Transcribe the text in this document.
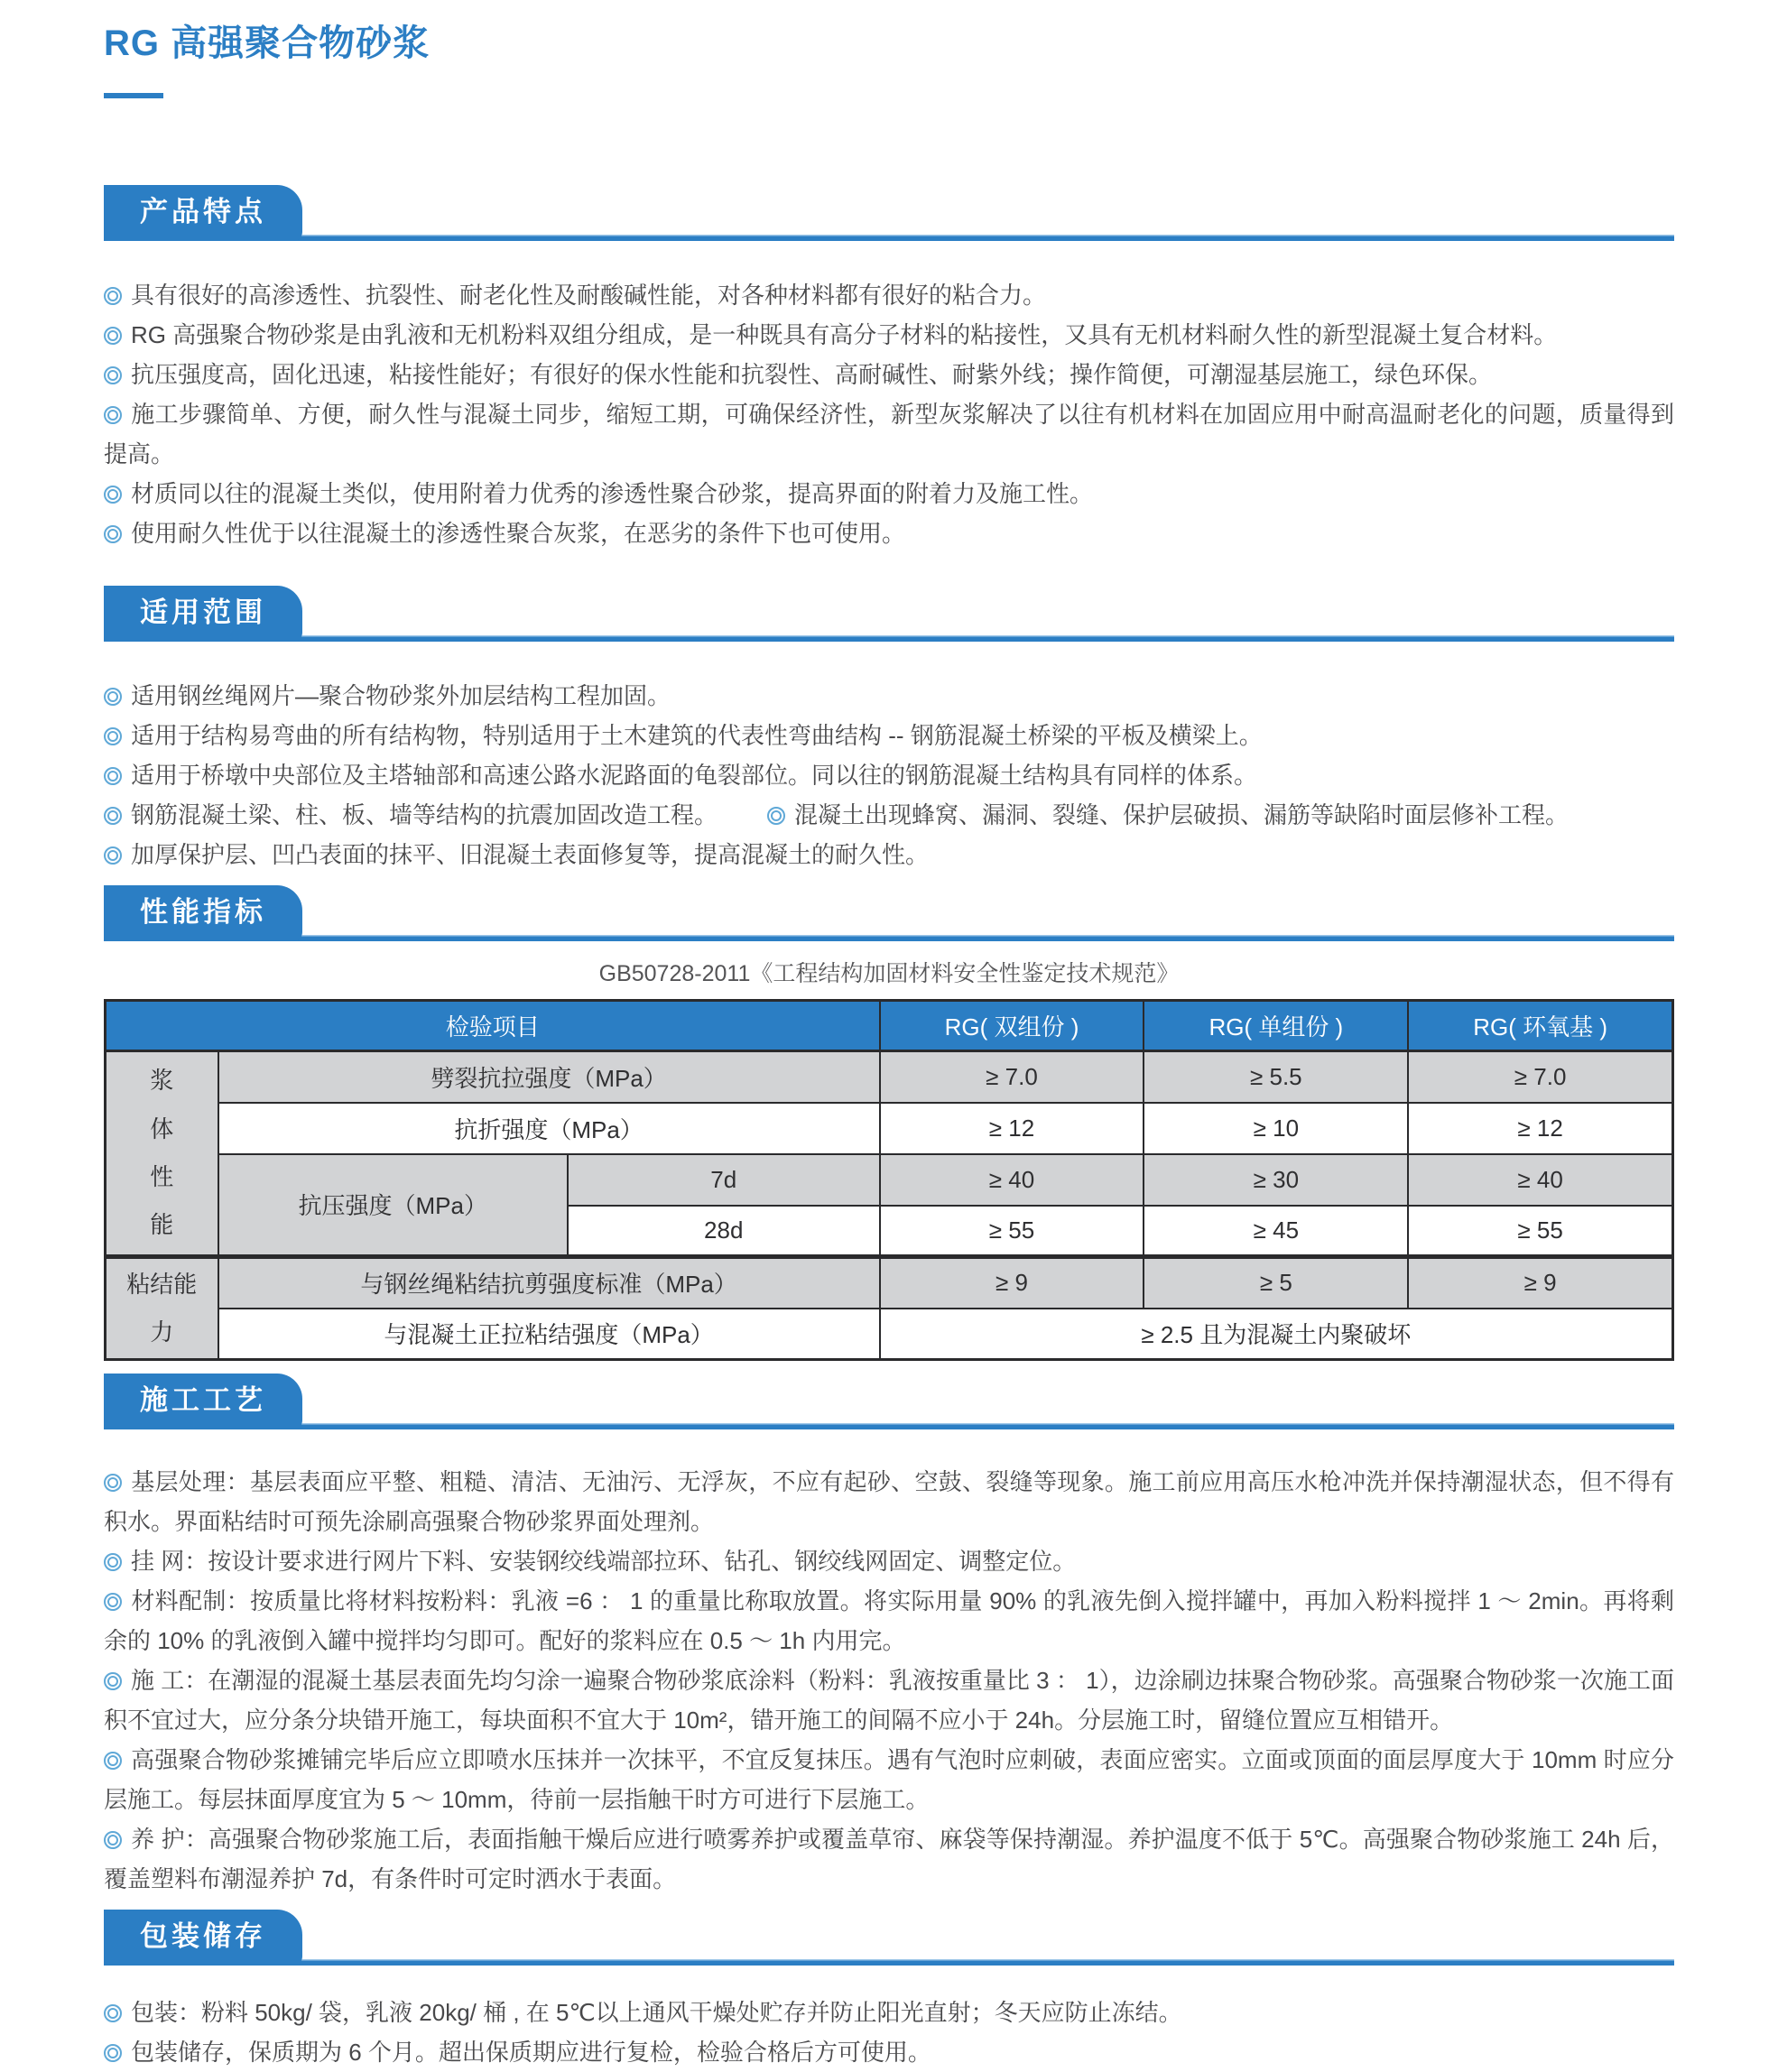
RG 高强聚合物砂浆
产品特点

具有很好的高渗透性、抗裂性、耐老化性及耐酸碱性能，对各种材料都有很好的粘合力。

RG 高强聚合物砂浆是由乳液和无机粉料双组分组成，是一种既具有高分子材料的粘接性，又具有无机材料耐久性的新型混凝土复合材料。

抗压强度高，固化迅速，粘接性能好；有很好的保水性能和抗裂性、高耐碱性、耐紫外线；操作简便，可潮湿基层施工，绿色环保。

施工步骤简单、方便，耐久性与混凝土同步，缩短工期，可确保经济性，新型灰浆解决了以往有机材料在加固应用中耐高温耐老化的问题，质量得到提高。

材质同以往的混凝土类似，使用附着力优秀的渗透性聚合砂浆，提高界面的附着力及施工性。

使用耐久性优于以往混凝土的渗透性聚合灰浆，在恶劣的条件下也可使用。

适用范围

适用钢丝绳网片—聚合物砂浆外加层结构工程加固。

适用于结构易弯曲的所有结构物，特别适用于土木建筑的代表性弯曲结构 -- 钢筋混凝土桥梁的平板及横梁上。

适用于桥墩中央部位及主塔轴部和高速公路水泥路面的龟裂部位。同以往的钢筋混凝土结构具有同样的体系。

钢筋混凝土梁、柱、板、墙等结构的抗震加固改造工程。	混凝土出现蜂窝、漏洞、裂缝、保护层破损、漏筋等缺陷时面层修补工程。

加厚保护层、凹凸表面的抹平、旧混凝土表面修复等，提高混凝土的耐久性。

性能指标
GB50728-2011《工程结构加固材料安全性鉴定技术规范》
检验项目			RG( 双组份 )	RG( 单组份 )	RG( 环氧基 )
浆体性能	劈裂抗拉强度（MPa）		≥ 7.0	≥ 5.5	≥ 7.0
	抗折强度（MPa）		≥ 12	≥ 10	≥ 12
	抗压强度（MPa）	7d	≥ 40	≥ 30	≥ 40
		28d	≥ 55	≥ 45	≥ 55
粘结能力	与钢丝绳粘结抗剪强度标准（MPa）		≥ 9	≥ 5	≥ 9
	与混凝土正拉粘结强度（MPa）		≥ 2.5 且为混凝土内聚破坏		
施工工艺

基层处理：基层表面应平整、粗糙、清洁、无油污、无浮灰，不应有起砂、空鼓、裂缝等现象。施工前应用高压水枪冲洗并保持潮湿状态，但不得有积水。界面粘结时可预先涂刷高强聚合物砂浆界面处理剂。

挂 网：按设计要求进行网片下料、安装钢绞线端部拉环、钻孔、钢绞线网固定、调整定位。

材料配制：按质量比将材料按粉料：乳液 =6 ： 1 的重量比称取放置。将实际用量 90% 的乳液先倒入搅拌罐中，再加入粉料搅拌 1 ～ 2min。再将剩余的 10% 的乳液倒入罐中搅拌均匀即可。配好的浆料应在 0.5 ～ 1h 内用完。

施 工：在潮湿的混凝土基层表面先均匀涂一遍聚合物砂浆底涂料（粉料：乳液按重量比 3 ： 1），边涂刷边抹聚合物砂浆。高强聚合物砂浆一次施工面积不宜过大，应分条分块错开施工，每块面积不宜大于 10m²，错开施工的间隔不应小于 24h。分层施工时，留缝位置应互相错开。

高强聚合物砂浆摊铺完毕后应立即喷水压抹并一次抹平，不宜反复抹压。遇有气泡时应刺破，表面应密实。立面或顶面的面层厚度大于 10mm 时应分层施工。每层抹面厚度宜为 5 ～ 10mm，待前一层指触干时方可进行下层施工。

养 护：高强聚合物砂浆施工后，表面指触干燥后应进行喷雾养护或覆盖草帘、麻袋等保持潮湿。养护温度不低于 5℃。高强聚合物砂浆施工 24h 后，覆盖塑料布潮湿养护 7d，有条件时可定时洒水于表面。

包装储存

包装：粉料 50kg/ 袋，乳液 20kg/ 桶 , 在 5℃以上通风干燥处贮存并防止阳光直射；冬天应防止冻结。

包装储存，保质期为 6 个月。超出保质期应进行复检，检验合格后方可使用。
